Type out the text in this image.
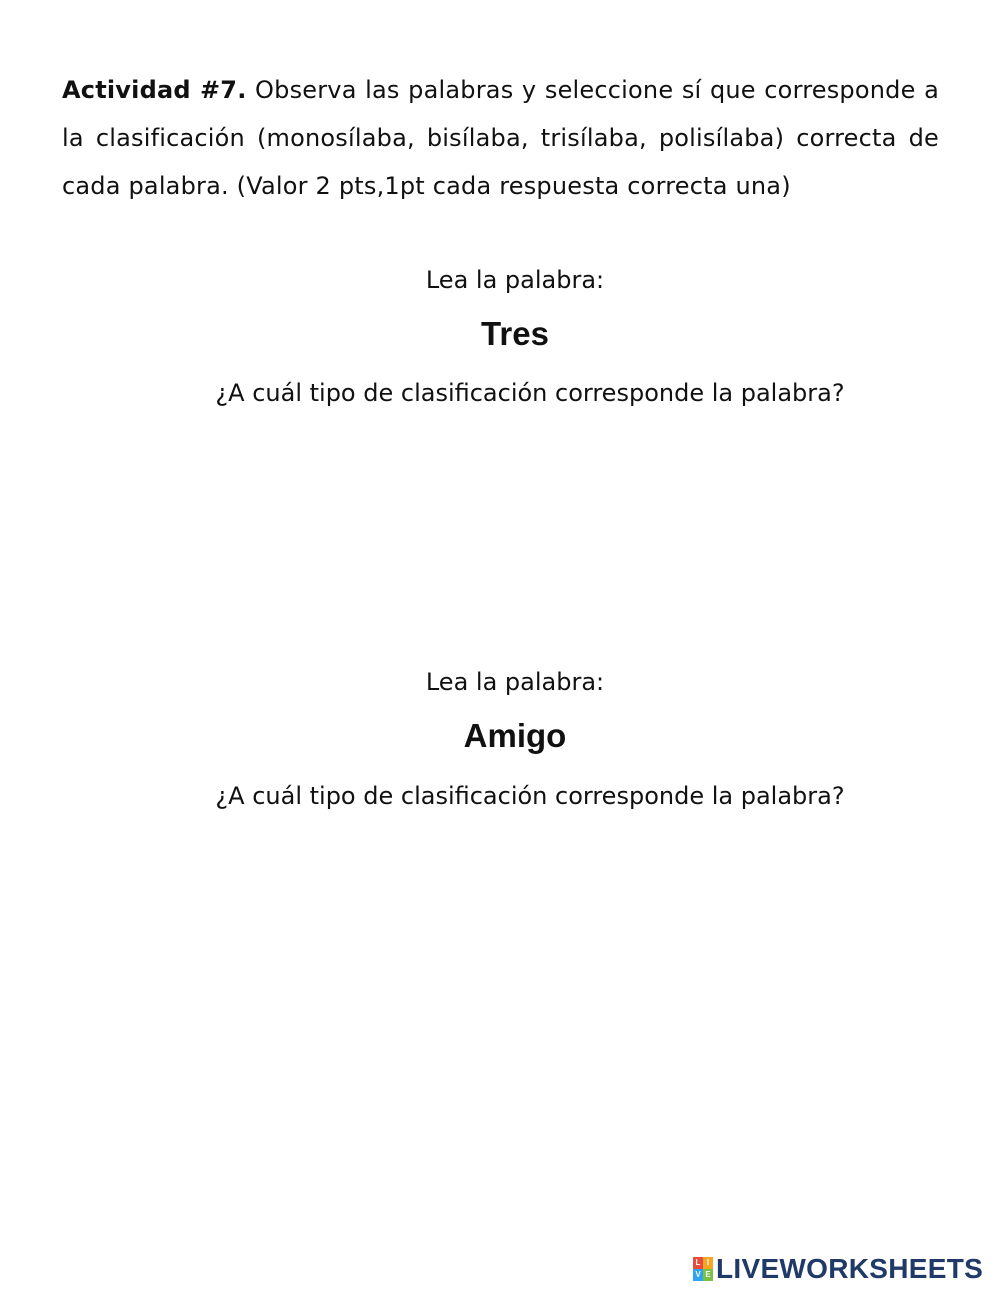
Actividad #7. Observa las palabras y seleccione sí que corresponde a la clasificación (monosílaba, bisílaba, trisílaba, polisílaba) correcta de cada palabra. (Valor 2 pts,1pt cada respuesta correcta una)

Lea la palabra:

Tres

¿A cuál tipo de clasificación corresponde la palabra?

Lea la palabra:

Amigo

¿A cuál tipo de clasificación corresponde la palabra?

L I
V E LIVEWORKSHEETS
